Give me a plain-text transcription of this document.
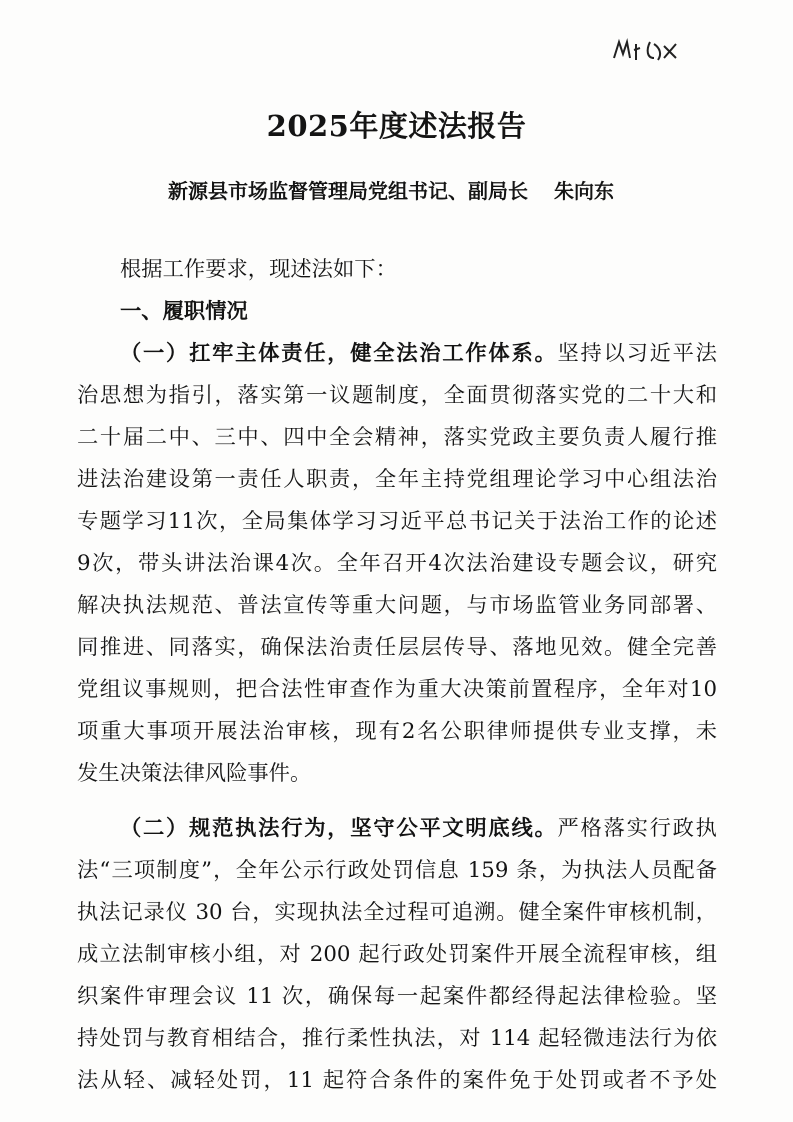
2025年度述法报告

新源县市场监督管理局党组书记、副局长 朱向东

根据工作要求，现述法如下：

一、履职情况

（一）扛牢主体责任，健全法治工作体系。坚持以习近平法

治思想为指引，落实第一议题制度，全面贯彻落实党的二十大和

二十届二中、三中、四中全会精神，落实党政主要负责人履行推

进法治建设第一责任人职责，全年主持党组理论学习中心组法治

专题学习11次，全局集体学习习近平总书记关于法治工作的论述

9次，带头讲法治课4次。全年召开4次法治建设专题会议，研究

解决执法规范、普法宣传等重大问题，与市场监管业务同部署、

同推进、同落实，确保法治责任层层传导、落地见效。健全完善

党组议事规则，把合法性审查作为重大决策前置程序，全年对10

项重大事项开展法治审核，现有2名公职律师提供专业支撑，未

发生决策法律风险事件。

（二）规范执法行为，坚守公平文明底线。严格落实行政执

法“三项制度”，全年公示行政处罚信息 159 条，为执法人员配备

执法记录仪 30 台，实现执法全过程可追溯。健全案件审核机制，

成立法制审核小组，对 200 起行政处罚案件开展全流程审核，组

织案件审理会议 11 次，确保每一起案件都经得起法律检验。坚

持处罚与教育相结合，推行柔性执法，对 114 起轻微违法行为依

法从轻、减轻处罚，11 起符合条件的案件免于处罚或者不予处
